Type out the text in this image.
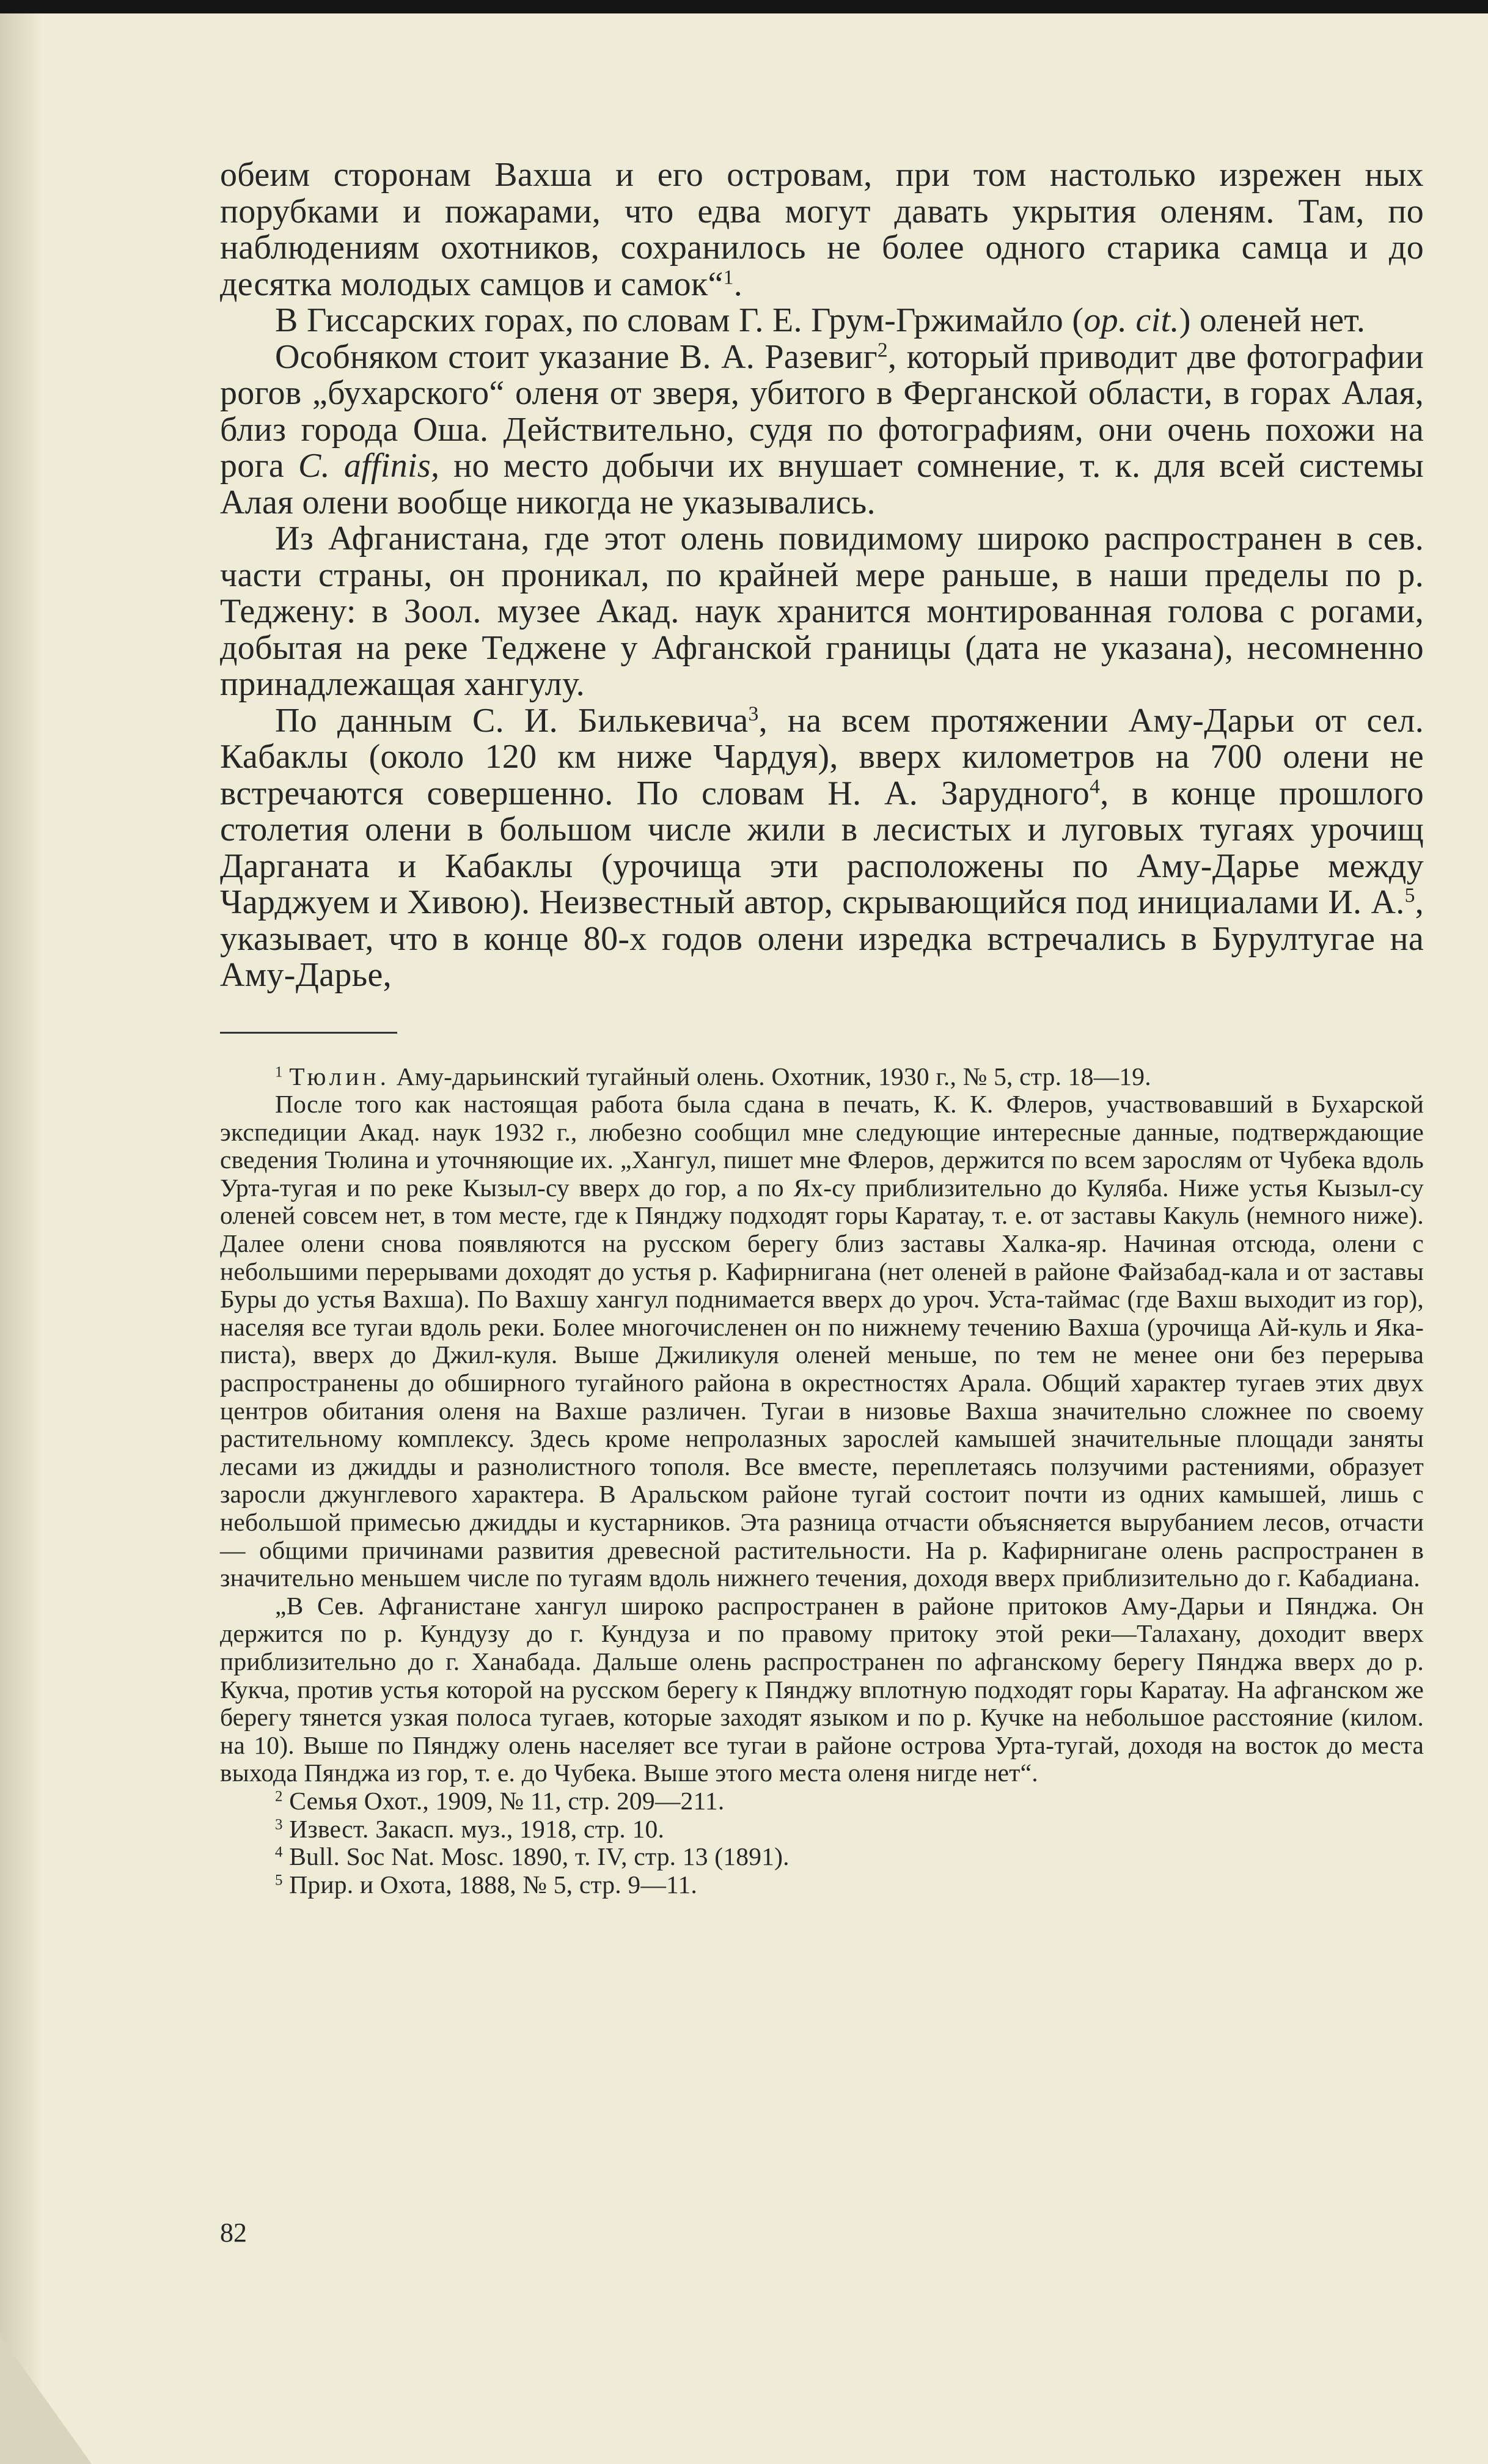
обеим сторонам Вахша и его островам, при том настолько изрежен ных порубками и пожарами, что едва могут давать укрытия оленям. Там, по наблюдениям охотников, сохранилось не более одного старика самца и до десятка молодых самцов и самок“$^1$.

В Гиссарских горах, по словам Г. Е. Грум-Гржимайло (op. cit.) оленей нет.

Особняком стоит указание В. А. Разевиг$^2$, который приводит две фотографии рогов „бухарского“ оленя от зверя, убитого в Ферганской области, в горах Алая, близ города Оша. Действительно, судя по фотографиям, они очень похожи на рога C. affinis, но место добычи их внушает сомнение, т. к. для всей системы Алая олени вообще никогда не указывались.

Из Афганистана, где этот олень повидимому широко распространен в сев. части страны, он проникал, по крайней мере раньше, в наши пределы по р. Теджену: в Зоол. музее Акад. наук хранится монтированная голова с рогами, добытая на реке Теджене у Афганской границы (дата не указана), несомненно принадлежащая хангулу.

По данным С. И. Билькевича$^3$, на всем протяжении Аму-Дарьи от сел. Кабаклы (около 120 км ниже Чардуя), вверх километров на 700 олени не встречаются совершенно. По словам Н. А. Зарудного$^4$, в конце прошлого столетия олени в большом числе жили в лесистых и луговых тугаях урочищ Дарганата и Кабаклы (урочища эти расположены по Аму-Дарье между Чарджуем и Хивою). Неизвестный автор, скрывающийся под инициалами И. А.$^5$, указывает, что в конце 80-х годов олени изредка встречались в Бурултугае на Аму-Дарье,

$^1$ Тюлин. Аму-дарьинский тугайный олень. Охотник, 1930 г., № 5, стр. 18—19.

После того как настоящая работа была сдана в печать, К. К. Флеров, участвовавший в Бухарской экспедиции Акад. наук 1932 г., любезно сообщил мне следующие интересные данные, подтверждающие сведения Тюлина и уточняющие их. „Хангул, пишет мне Флеров, держится по всем зарослям от Чубека вдоль Урта-тугая и по реке Кызыл-су вверх до гор, а по Ях-су приблизительно до Куляба. Ниже устья Кызыл-су оленей совсем нет, в том месте, где к Пянджу подходят горы Каратау, т. е. от заставы Какуль (немного ниже). Далее олени снова появляются на русском берегу близ заставы Халка-яр. Начиная отсюда, олени с небольшими перерывами доходят до устья р. Кафирнигана (нет оленей в районе Файзабад-кала и от заставы Буры до устья Вахша). По Вахшу хангул поднимается вверх до уроч. Уста-таймас (где Вахш выходит из гор), населяя все тугаи вдоль реки. Более многочисленен он по нижнему течению Вахша (урочища Ай-куль и Яка-писта), вверх до Джил-куля. Выше Джиликуля оленей меньше, по тем не менее они без перерыва распространены до обширного тугайного района в окрестностях Арала. Общий характер тугаев этих двух центров обитания оленя на Вахше различен. Тугаи в низовье Вахша значительно сложнее по своему растительному комплексу. Здесь кроме непролазных зарослей камышей значительные площади заняты лесами из джидды и разнолистного тополя. Все вместе, переплетаясь ползучими растениями, образует заросли джунглевого характера. В Аральском районе тугай состоит почти из одних камышей, лишь с небольшой примесью джидды и кустарников. Эта разница отчасти объясняется вырубанием лесов, отчасти — общими причинами развития древесной растительности. На р. Кафирнигане олень распространен в значительно меньшем числе по тугаям вдоль нижнего течения, доходя вверх приблизительно до г. Кабадиана.

„В Сев. Афганистане хангул широко распространен в районе притоков Аму-Дарьи и Пянджа. Он держится по р. Кундузу до г. Кундуза и по правому притоку этой реки—Талахану, доходит вверх приблизительно до г. Ханабада. Дальше олень распространен по афганскому берегу Пянджа вверх до р. Кукча, против устья которой на русском берегу к Пянджу вплотную подходят горы Каратау. На афганском же берегу тянется узкая полоса тугаев, которые заходят языком и по р. Кучке на небольшое расстояние (килом. на 10). Выше по Пянджу олень населяет все тугаи в районе острова Урта-тугай, доходя на восток до места выхода Пянджа из гор, т. е. до Чубека. Выше этого места оленя нигде нет“.

$^2$ Семья Охот., 1909, № 11, стр. 209—211.

$^3$ Извест. Закасп. муз., 1918, стр. 10.

$^4$ Bull. Soc Nat. Mosc. 1890, т. IV, стр. 13 (1891).

$^5$ Прир. и Охота, 1888, № 5, стр. 9—11.

82
